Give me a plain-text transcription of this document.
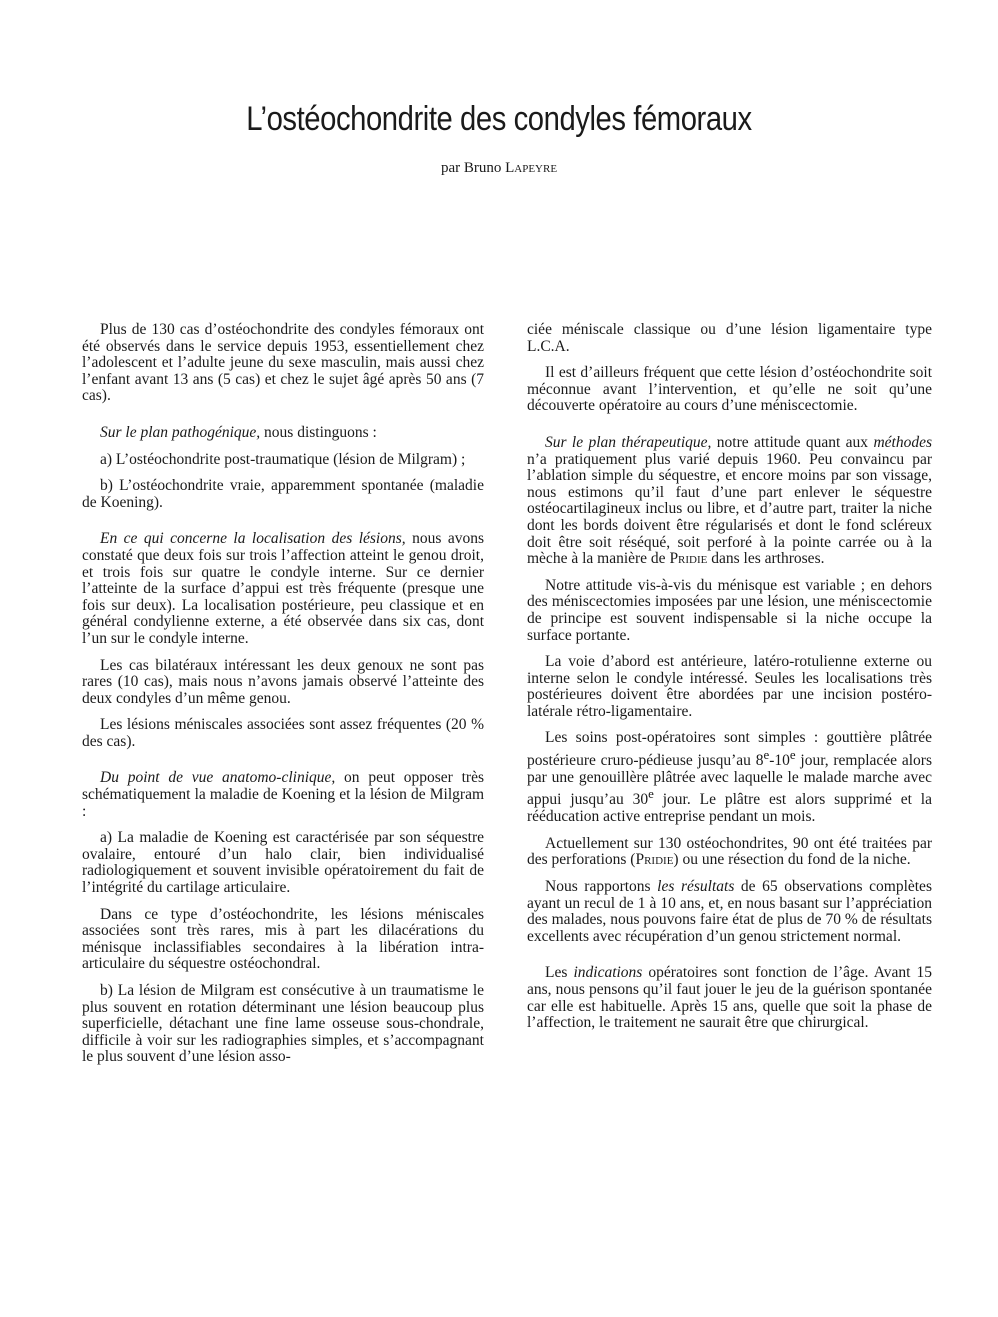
L’ostéochondrite des condyles fémoraux

par Bruno Lapeyre

Plus de 130 cas d’ostéochondrite des condyles fémoraux ont été observés dans le service depuis 1953, essentiellement chez l’adolescent et l’adulte jeune du sexe masculin, mais aussi chez l’enfant avant 13 ans (5 cas) et chez le sujet âgé après 50 ans (7 cas).

Sur le plan pathogénique, nous distinguons :

a) L’ostéochondrite post-traumatique (lésion de Milgram) ;

b) L’ostéochondrite vraie, apparemment spontanée (maladie de Koening).

En ce qui concerne la localisation des lésions, nous avons constaté que deux fois sur trois l’affection atteint le genou droit, et trois fois sur quatre le condyle interne. Sur ce dernier l’atteinte de la surface d’appui est très fréquente (presque une fois sur deux). La localisation postérieure, peu classique et en général condylienne externe, a été observée dans six cas, dont l’un sur le condyle interne.

Les cas bilatéraux intéressant les deux genoux ne sont pas rares (10 cas), mais nous n’avons jamais observé l’atteinte des deux condyles d’un même genou.

Les lésions méniscales associées sont assez fréquentes (20 % des cas).

Du point de vue anatomo-clinique, on peut opposer très schématiquement la maladie de Koening et la lésion de Milgram :

a) La maladie de Koening est caractérisée par son séquestre ovalaire, entouré d’un halo clair, bien individualisé radiologiquement et souvent invisible opératoirement du fait de l’intégrité du cartilage articulaire.

Dans ce type d’ostéochondrite, les lésions méniscales associées sont très rares, mis à part les dilacérations du ménisque inclassifiables secondaires à la libération intra-articulaire du séquestre ostéochondral.

b) La lésion de Milgram est consécutive à un traumatisme le plus souvent en rotation déterminant une lésion beaucoup plus superficielle, détachant une fine lame osseuse sous-chondrale, difficile à voir sur les radiographies simples, et s’accompagnant le plus souvent d’une lésion asso-

ciée méniscale classique ou d’une lésion ligamentaire type L.C.A.

Il est d’ailleurs fréquent que cette lésion d’ostéochondrite soit méconnue avant l’intervention, et qu’elle ne soit qu’une découverte opératoire au cours d’une méniscectomie.

Sur le plan thérapeutique, notre attitude quant aux méthodes n’a pratiquement plus varié depuis 1960. Peu convaincu par l’ablation simple du séquestre, et encore moins par son vissage, nous estimons qu’il faut d’une part enlever le séquestre ostéocartilagineux inclus ou libre, et d’autre part, traiter la niche dont les bords doivent être régularisés et dont le fond scléreux doit être soit réséqué, soit perforé à la pointe carrée ou à la mèche à la manière de Pridie dans les arthroses.

Notre attitude vis-à-vis du ménisque est variable ; en dehors des méniscectomies imposées par une lésion, une méniscectomie de principe est souvent indispensable si la niche occupe la surface portante.

La voie d’abord est antérieure, latéro-rotulienne externe ou interne selon le condyle intéressé. Seules les localisations très postérieures doivent être abordées par une incision postéro-latérale rétro-ligamentaire.

Les soins post-opératoires sont simples : gouttière plâtrée postérieure cruro-pédieuse jusqu’au 8e-10e jour, remplacée alors par une genouillère plâtrée avec laquelle le malade marche avec appui jusqu’au 30e jour. Le plâtre est alors supprimé et la rééducation active entreprise pendant un mois.

Actuellement sur 130 ostéochondrites, 90 ont été traitées par des perforations (Pridie) ou une résection du fond de la niche.

Nous rapportons les résultats de 65 observations complètes ayant un recul de 1 à 10 ans, et, en nous basant sur l’appréciation des malades, nous pouvons faire état de plus de 70 % de résultats excellents avec récupération d’un genou strictement normal.

Les indications opératoires sont fonction de l’âge. Avant 15 ans, nous pensons qu’il faut jouer le jeu de la guérison spontanée car elle est habituelle. Après 15 ans, quelle que soit la phase de l’affection, le traitement ne saurait être que chirurgical.
